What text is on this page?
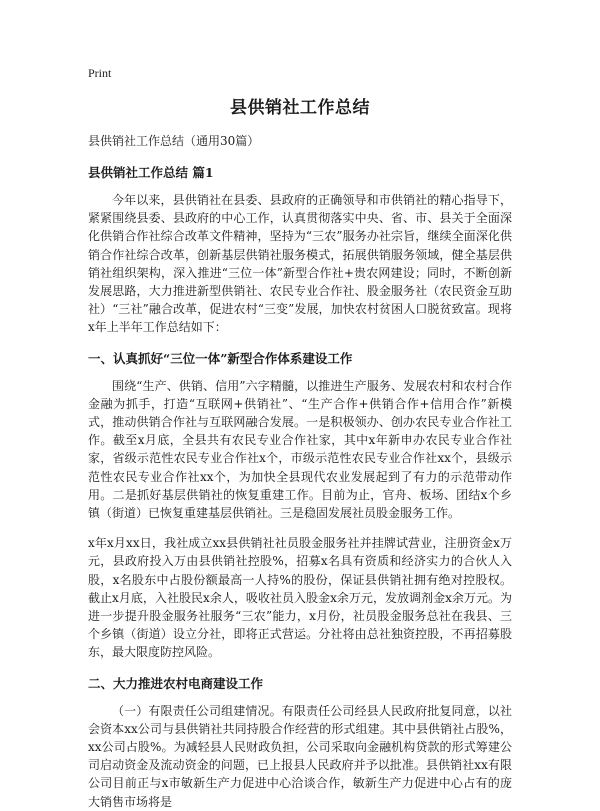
Print
县供销社工作总结

县供销社工作总结（通用30篇）

县供销社工作总结 篇1

今年以来，县供销社在县委、县政府的正确领导和市供销社的精心指导下，紧紧围绕县委、县政府的中心工作，认真贯彻落实中央、省、市、县关于全面深化供销合作社综合改革文件精神，坚持为“三农”服务办社宗旨，继续全面深化供销合作社综合改革，创新基层供销社服务模式，拓展供销服务领域，健全基层供销社组织架构，深入推进“三位一体”新型合作社+贵农网建设；同时，不断创新发展思路，大力推进新型供销社、农民专业合作社、股金服务社（农民资金互助社）“三社”融合改革，促进农村“三变”发展，加快农村贫困人口脱贫致富。现将x年上半年工作总结如下：

一、认真抓好“三位一体”新型合作体系建设工作

围绕“生产、供销、信用”六字精髓，以推进生产服务、发展农村和农村合作金融为抓手，打造“互联网+供销社”、“生产合作+供销合作+信用合作”新模式，推动供销合作社与互联网融合发展。一是积极领办、创办农民专业合作社工作。截至x月底，全县共有农民专业合作社家，其中x年新申办农民专业合作社家，省级示范性农民专业合作社x个，市级示范性农民专业合作社xx个，县级示范性农民专业合作社xx个，为加快全县现代农业发展起到了有力的示范带动作用。二是抓好基层供销社的恢复重建工作。目前为止，官舟、板场、团结x个乡镇（街道）已恢复重建基层供销社。三是稳固发展社员股金服务工作。

x年x月xx日，我社成立xx县供销社社员股金服务社并挂牌试营业，注册资金x万元，县政府投入万由县供销社控股%，招募x名具有资质和经济实力的合伙人入股，x名股东中占股份额最高一人持%的股份，保证县供销社拥有绝对控股权。截止x月底，入社股民x余人，吸收社员入股金x余万元，发放调剂金x余万元。为进一步提升股金服务社服务“三农”能力，x月份，社员股金服务总社在我县、三个乡镇（街道）设立分社，即将正式营运。分社将由总社独资控股，不再招募股东，最大限度防控风险。

二、大力推进农村电商建设工作

（一）有限责任公司组建情况。有限责任公司经县人民政府批复同意，以社会资本xx公司与县供销社共同持股合作经营的形式组建。其中县供销社占股%，xx公司占股%。为减轻县人民财政负担，公司采取向金融机构贷款的形式筹建公司启动资金及流动资金的问题，已上报县人民政府并予以批准。县供销社xx有限公司目前正与x市敏新生产力促进中心洽谈合作，敏新生产力促进中心占有的庞大销售市场将是
